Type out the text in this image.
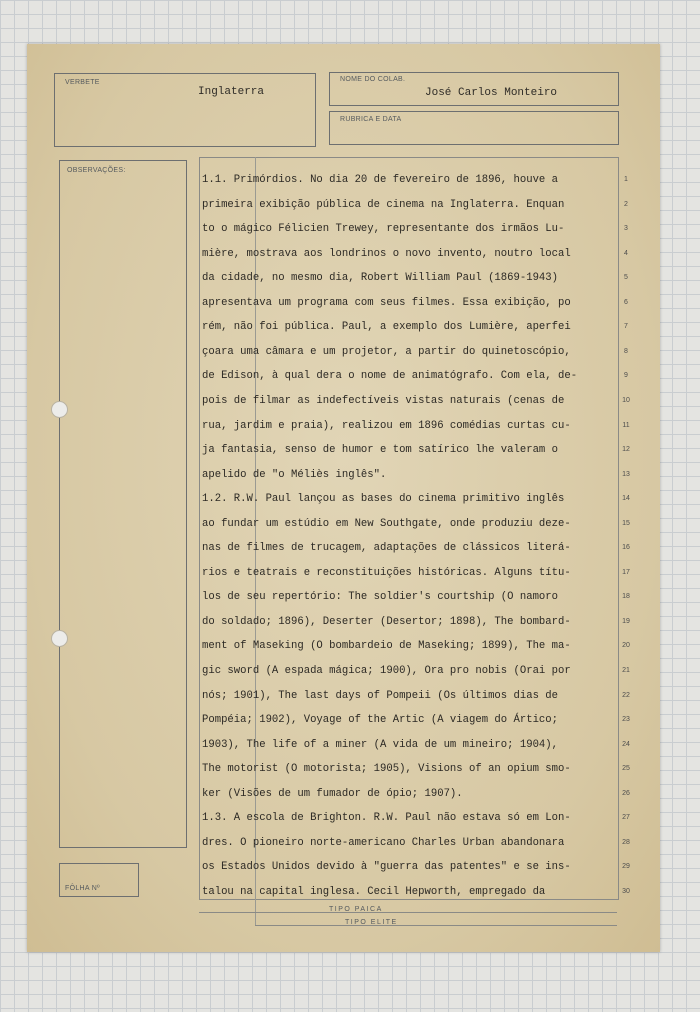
VERBETE
Inglaterra
NOME DO COLAB.
José Carlos Monteiro
RUBRICA E DATA
OBSERVAÇÕES:
FÔLHA Nº
TIPO PAICA
TIPO ELITE
1.1. Primórdios. No dia 20 de fevereiro de 1896, houve a	1
primeira exibição pública de cinema na Inglaterra. Enquan	2
to o mágico Félicien Trewey, representante dos irmãos Lu-	3
mière, mostrava aos londrinos o novo invento, noutro local	4
da cidade, no mesmo dia, Robert William Paul (1869-1943)	5
apresentava um programa com seus filmes. Essa exibição, po	6
rém, não foi pública. Paul, a exemplo dos Lumière, aperfei	7
çoara uma câmara e um projetor, a partir do quinetoscópio,	8
de Edison, à qual dera o nome de animatógrafo. Com ela, de-	9
pois de filmar as indefectíveis vistas naturais (cenas de	10
rua, jardim e praia), realizou em 1896 comédias curtas cu-	11
ja fantasia, senso de humor e tom satírico lhe valeram o	12
apelido de "o Méliès inglês".	13
1.2. R.W. Paul lançou as bases do cinema primitivo inglês	14
ao fundar um estúdio em New Southgate, onde produziu deze-	15
nas de filmes de trucagem, adaptações de clássicos literá-	16
rios e teatrais e reconstituições históricas. Alguns títu-	17
los de seu repertório: The soldier's courtship (O namoro	18
do soldado; 1896), Deserter (Desertor; 1898), The bombard-	19
ment of Maseking (O bombardeio de Maseking; 1899), The ma-	20
gic sword (A espada mágica; 1900), Ora pro nobis (Orai por	21
nós; 1901), The last days of Pompeii (Os últimos dias de	22
Pompéia; 1902), Voyage of the Artic (A viagem do Ártico;	23
1903), The life of a miner (A vida de um mineiro; 1904),	24
The motorist (O motorista; 1905), Visions of an opium smo-	25
ker (Visões de um fumador de ópio; 1907).	26
1.3. A escola de Brighton. R.W. Paul não estava só em Lon-	27
dres. O pioneiro norte-americano Charles Urban abandonara	28
os Estados Unidos devido à "guerra das patentes" e se ins-	29
talou na capital inglesa. Cecil Hepworth, empregado da	30
